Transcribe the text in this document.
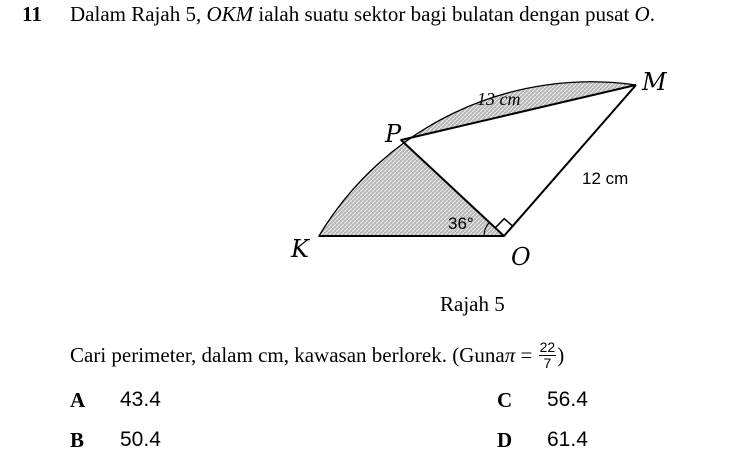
11 Dalam Rajah 5, OKM ialah suatu sektor bagi bulatan dengan pusat O.
M
P
K	O
13 cm
12 cm
36°
Rajah 5
Cari perimeter, dalam cm, kawasan berlorek. (Guna $\pi = \frac{22}{7}$ )
A	43.4
B	50.4
C	56.4
D	61.4
